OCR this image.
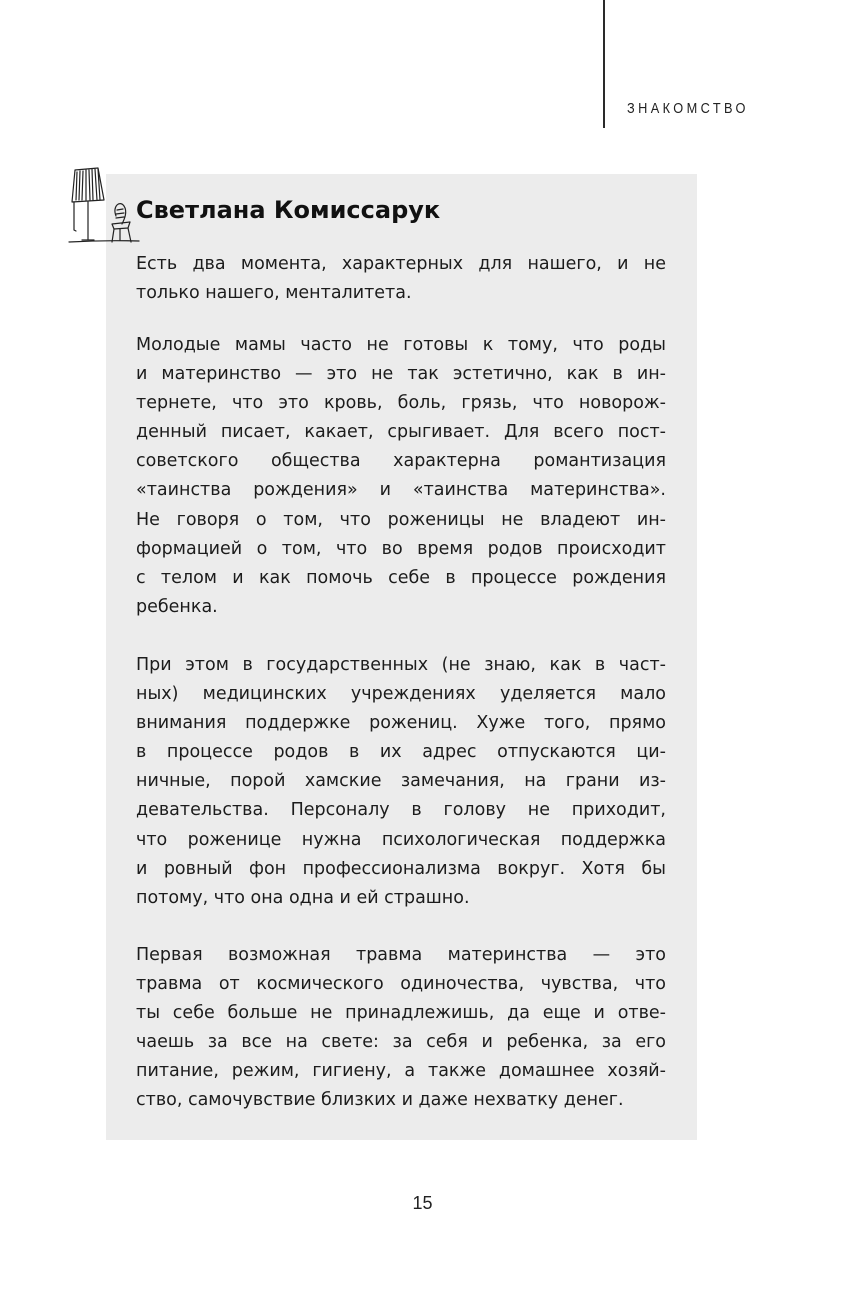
ЗНАКОМСТВО
Светлана Комиссарук

Есть два момента, характерных для нашего, и не
только нашего, менталитета.

Молодые мамы часто не готовы к тому, что роды
и материнство — это не так эстетично, как в ин-
тернете, что это кровь, боль, грязь, что новорож-
денный писает, какает, срыгивает. Для всего пост-
советского общества характерна романтизация
«таинства рождения» и «таинства материнства».
Не говоря о том, что роженицы не владеют ин-
формацией о том, что во время родов происходит
с телом и как помочь себе в процессе рождения
ребенка.

При этом в государственных (не знаю, как в част-
ных) медицинских учреждениях уделяется мало
внимания поддержке рожениц. Хуже того, прямо
в процессе родов в их адрес отпускаются ци-
ничные, порой хамские замечания, на грани из-
девательства. Персоналу в голову не приходит,
что роженице нужна психологическая поддержка
и ровный фон профессионализма вокруг. Хотя бы
потому, что она одна и ей страшно.

Первая возможная травма материнства — это
травма от космического одиночества, чувства, что
ты себе больше не принадлежишь, да еще и отве-
чаешь за все на свете: за себя и ребенка, за его
питание, режим, гигиену, а также домашнее хозяй-
ство, самочувствие близких и даже нехватку денег.

15
